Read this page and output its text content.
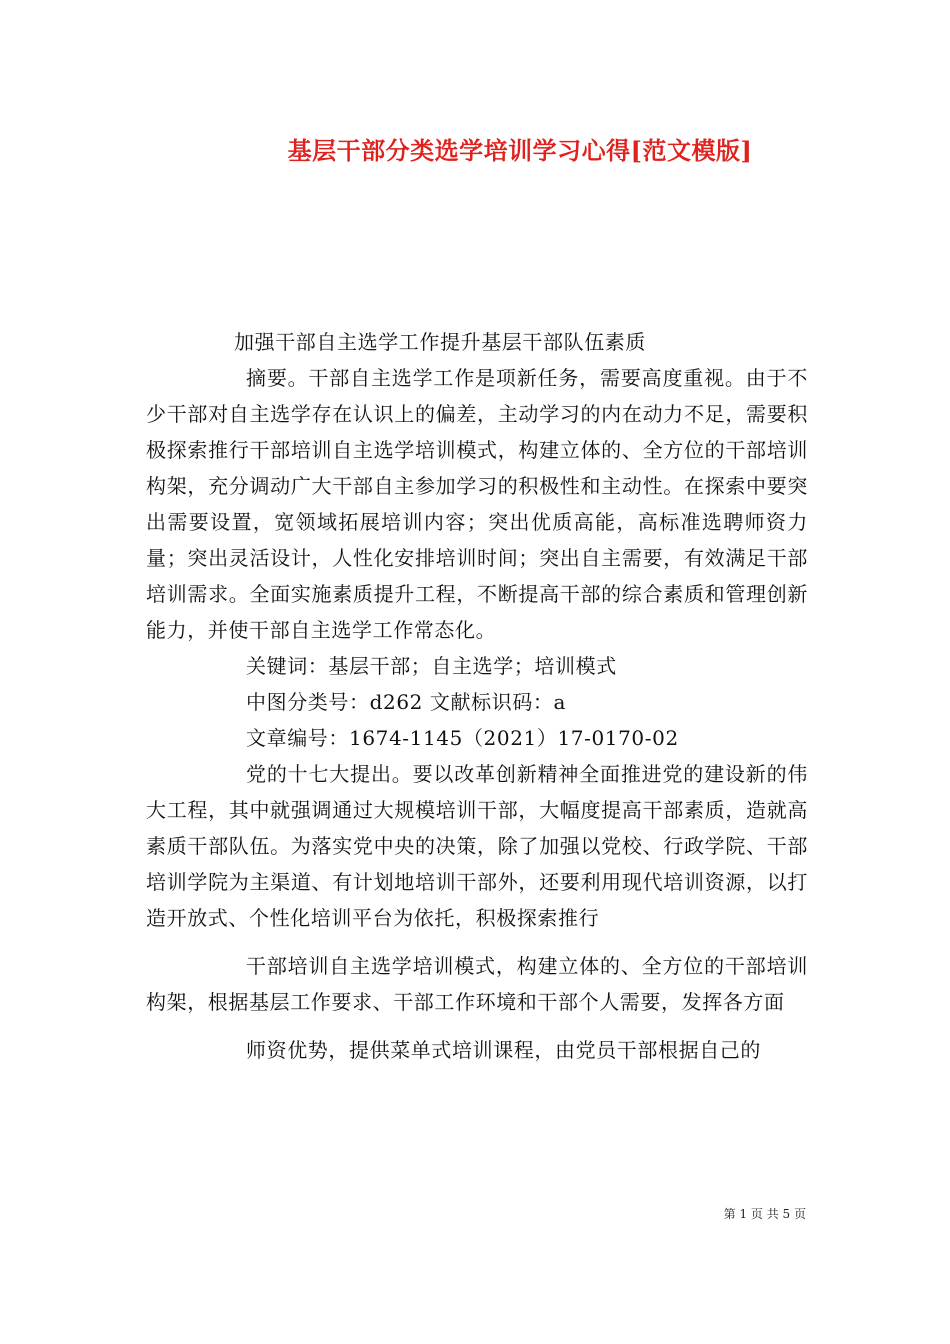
基层干部分类选学培训学习心得[范文模版]

加强干部自主选学工作提升基层干部队伍素质

摘要。干部自主选学工作是项新任务，需要高度重视。由于不少干部对自主选学存在认识上的偏差，主动学习的内在动力不足，需要积极探索推行干部培训自主选学培训模式，构建立体的、全方位的干部培训构架，充分调动广大干部自主参加学习的积极性和主动性。在探索中要突出需要设置，宽领域拓展培训内容；突出优质高能，高标准选聘师资力量；突出灵活设计，人性化安排培训时间；突出自主需要，有效满足干部培训需求。全面实施素质提升工程，不断提高干部的综合素质和管理创新能力，并使干部自主选学工作常态化。

关键词：基层干部；自主选学；培训模式

中图分类号：d262 文献标识码：a

文章编号：1674-1145（2021）17-0170-02

党的十七大提出。要以改革创新精神全面推进党的建设新的伟大工程，其中就强调通过大规模培训干部，大幅度提高干部素质，造就高素质干部队伍。为落实党中央的决策，除了加强以党校、行政学院、干部培训学院为主渠道、有计划地培训干部外，还要利用现代培训资源，以打造开放式、个性化培训平台为依托，积极探索推行

干部培训自主选学培训模式，构建立体的、全方位的干部培训构架，根据基层工作要求、干部工作环境和干部个人需要，发挥各方面

师资优势，提供菜单式培训课程，由党员干部根据自己的

第 1 页 共 5 页
